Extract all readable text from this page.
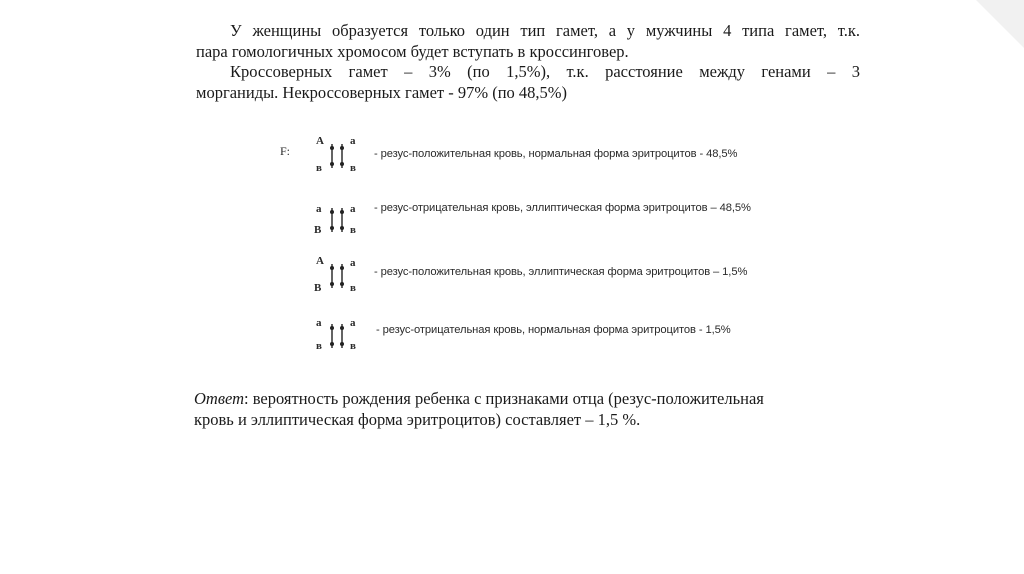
У женщины образуется только один тип гамет, а у мужчины 4 типа гамет, т.к.
пара гомологичных хромосом будет вступать в кроссинговер.
Кроссоверных гамет – 3% (по 1,5%), т.к. расстояние между генами – 3
морганиды. Некроссоверных гамет - 97% (по 48,5%)
F:
А
в
а
в
- резус-положительная кровь, нормальная форма эритроцитов - 48,5%
а
В
а
в
- резус-отрицательная кровь, эллиптическая форма эритроцитов – 48,5%
А
В
а
в
- резус-положительная кровь, эллиптическая форма эритроцитов – 1,5%
а
в
а
в
- резус-отрицательная кровь, нормальная форма эритроцитов - 1,5%
Ответ: вероятность рождения ребенка с признаками отца (резус-положительная
кровь и эллиптическая форма эритроцитов) составляет – 1,5 %.
